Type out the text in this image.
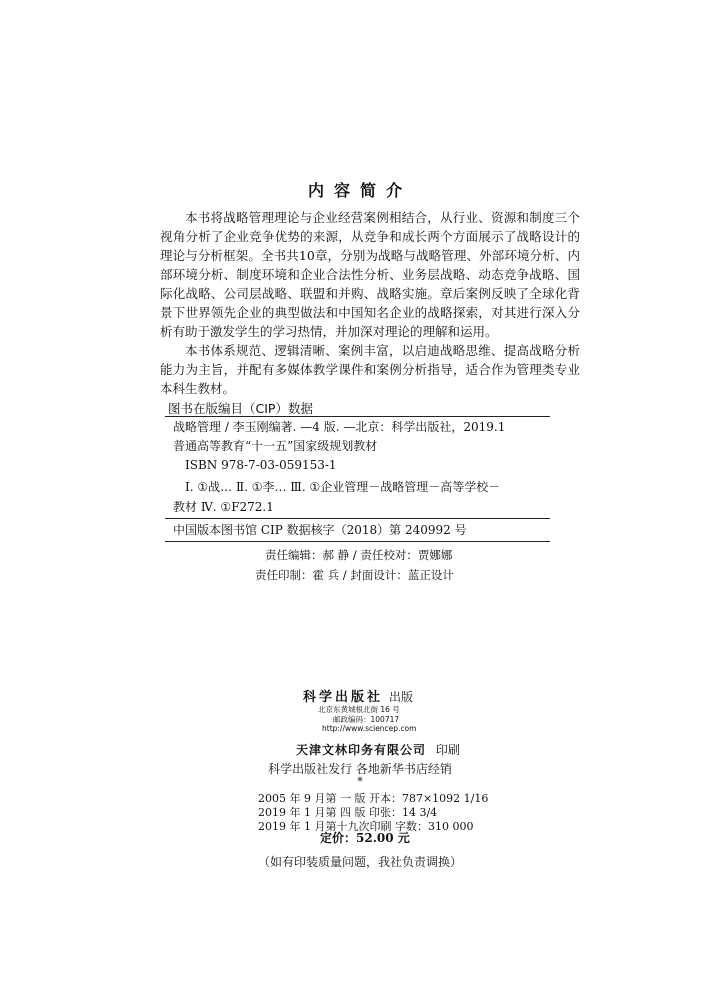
内容简介

本书将战略管理理论与企业经营案例相结合，从行业、资源和制度三个视角分析了企业竞争优势的来源，从竞争和成长两个方面展示了战略设计的理论与分析框架。全书共10章，分别为战略与战略管理、外部环境分析、内部环境分析、制度环境和企业合法性分析、业务层战略、动态竞争战略、国际化战略、公司层战略、联盟和并购、战略实施。章后案例反映了全球化背景下世界领先企业的典型做法和中国知名企业的战略探索，对其进行深入分析有助于激发学生的学习热情，并加深对理论的理解和运用。

本书体系规范、逻辑清晰、案例丰富，以启迪战略思维、提高战略分析能力为主旨，并配有多媒体教学课件和案例分析指导，适合作为管理类专业本科生教材。

图书在版编目（CIP）数据
战略管理 / 李玉刚编著. —4 版. —北京：科学出版社，2019.1
普通高等教育“十一五”国家级规划教材
ISBN 978-7-03-059153-1
Ⅰ. ①战… Ⅱ. ①李… Ⅲ. ①企业管理－战略管理－高等学校－
教材 Ⅳ. ①F272.1
中国版本图书馆 CIP 数据核字（2018）第 240992 号
责任编辑：郝 静 / 责任校对：贾娜娜
责任印制：霍 兵 / 封面设计：蓝正设计
科学出版社 出版
北京东黄城根北街 16 号
邮政编码：100717
http://www.sciencep.com
天津文林印务有限公司 印刷
科学出版社发行 各地新华书店经销
*
2005 年 9 月第 一 版 开本：787×1092 1/16
2019 年 1 月第 四 版 印张：14 3/4
2019 年 1 月第十九次印刷 字数：310 000
定价：52.00 元
（如有印装质量问题，我社负责调换）
